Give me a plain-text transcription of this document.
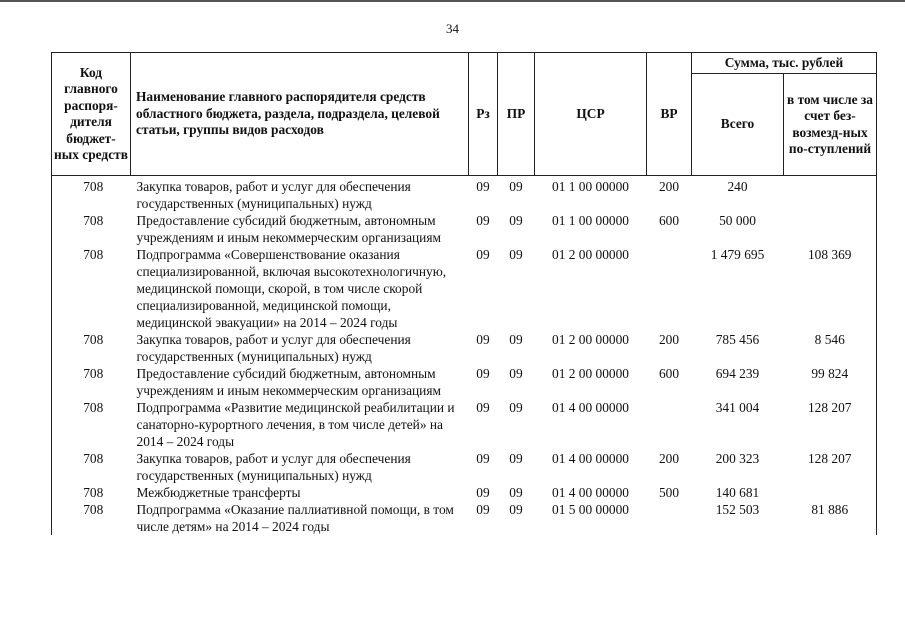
34
Код главного распоря-дителя бюджет-ных средств	Наименование главного распорядителя средств областного бюджета, раздела, подраздела, целевой статьи, группы видов расходов	Рз	ПР	ЦСР	ВР	Сумма, тыс. рублей	
						Всего	в том числе за счет без-возмезд-ных по-ступлений
708	Закупка товаров, работ и услуг для обеспечения государственных (муниципальных) нужд	09	09	01 1 00 00000	200	240	
708	Предоставление субсидий бюджетным, автономным учреждениям и иным некоммерческим организациям	09	09	01 1 00 00000	600	50 000	
708	Подпрограмма «Совершенствование оказания специализированной, включая высокотехнологичную, медицинской помощи, скорой, в том числе скорой специализированной, медицинской помощи, медицинской эвакуации» на 2014 – 2024 годы	09	09	01 2 00 00000		1 479 695	108 369
708	Закупка товаров, работ и услуг для обеспечения государственных (муниципальных) нужд	09	09	01 2 00 00000	200	785 456	8 546
708	Предоставление субсидий бюджетным, автономным учреждениям и иным некоммерческим организациям	09	09	01 2 00 00000	600	694 239	99 824
708	Подпрограмма «Развитие медицинской реабилитации и санаторно-курортного лечения, в том числе детей» на 2014 – 2024 годы	09	09	01 4 00 00000		341 004	128 207
708	Закупка товаров, работ и услуг для обеспечения государственных (муниципальных) нужд	09	09	01 4 00 00000	200	200 323	128 207
708	Межбюджетные трансферты	09	09	01 4 00 00000	500	140 681	
708	Подпрограмма «Оказание паллиативной помощи, в том числе детям» на 2014 – 2024 годы	09	09	01 5 00 00000		152 503	81 886
